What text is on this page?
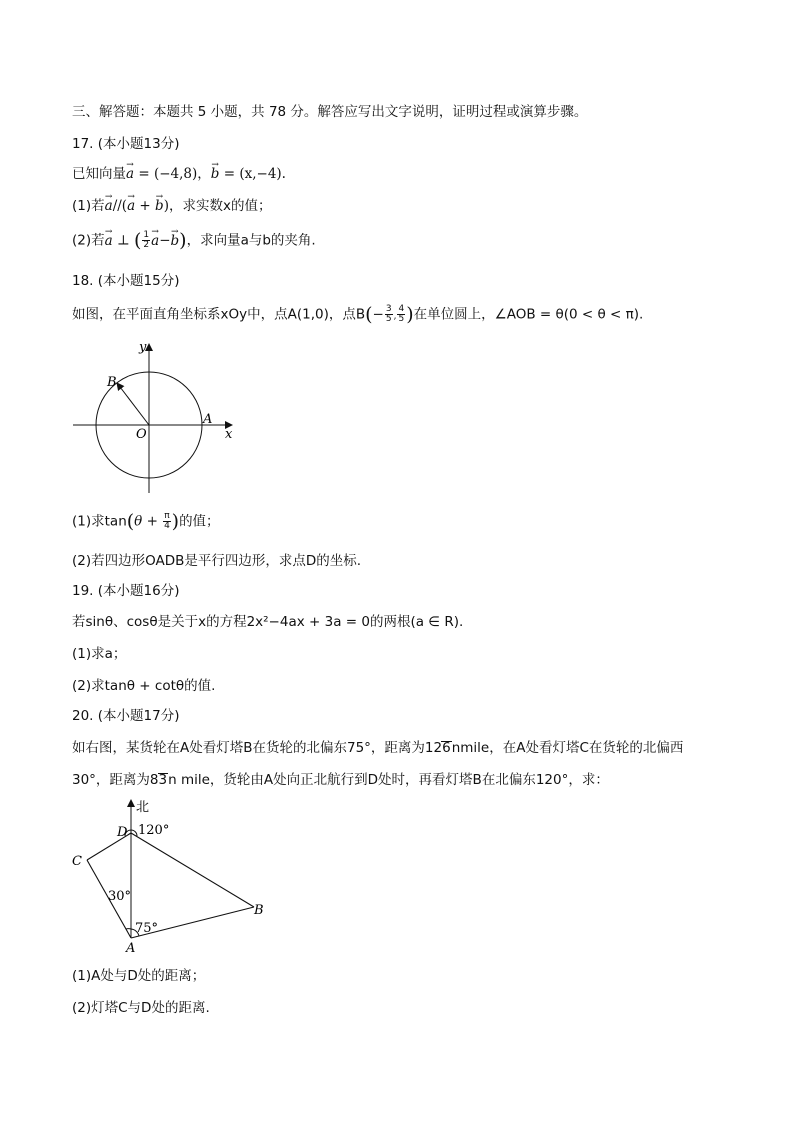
三、解答题：本题共 5 小题，共 78 分。解答应写出文字说明，证明过程或演算步骤。
17. (本小题13分)
已知向量→ a = (−4,8)，→ b = (x,−4).
(1)若→ a//(→ a + → b)，求实数x的值；
(2)若→ a ⊥ ( $\frac{1}{2}$
→ a−→ b)，求向量a与b的夹角.
18. (本小题15分)
如图，在平面直角坐标系xOy中，点A(1,0)，点$B(- \frac{3}{5}$ , $\frac{4}{5}$ )在单位圆上，∠AOB = θ(0 < θ < π).
y
x
O
A
B
(1)求$\tan(\theta + \frac{\pi}{4}$ )的值；
(2)若四边形OADB是平行四边形，求点D的坐标.
19. (本小题16分)
若sinθ、cosθ是关于x的方程2x²−4ax + 3a = 0的两根(a ∈ R).
(1)求a；
(2)求tanθ + cotθ的值.
20. (本小题17分)
如右图，某货轮在A处看灯塔B在货轮的北偏东75°，距离为126nmile，在A处看灯塔C在货轮的北偏西
30°，距离为83n mile，货轮由A处向正北航行到D处时，再看灯塔B在北偏东120°，求：
北
D 120°
C
30°
75°
B
A
(1)A处与D处的距离；
(2)灯塔C与D处的距离.
